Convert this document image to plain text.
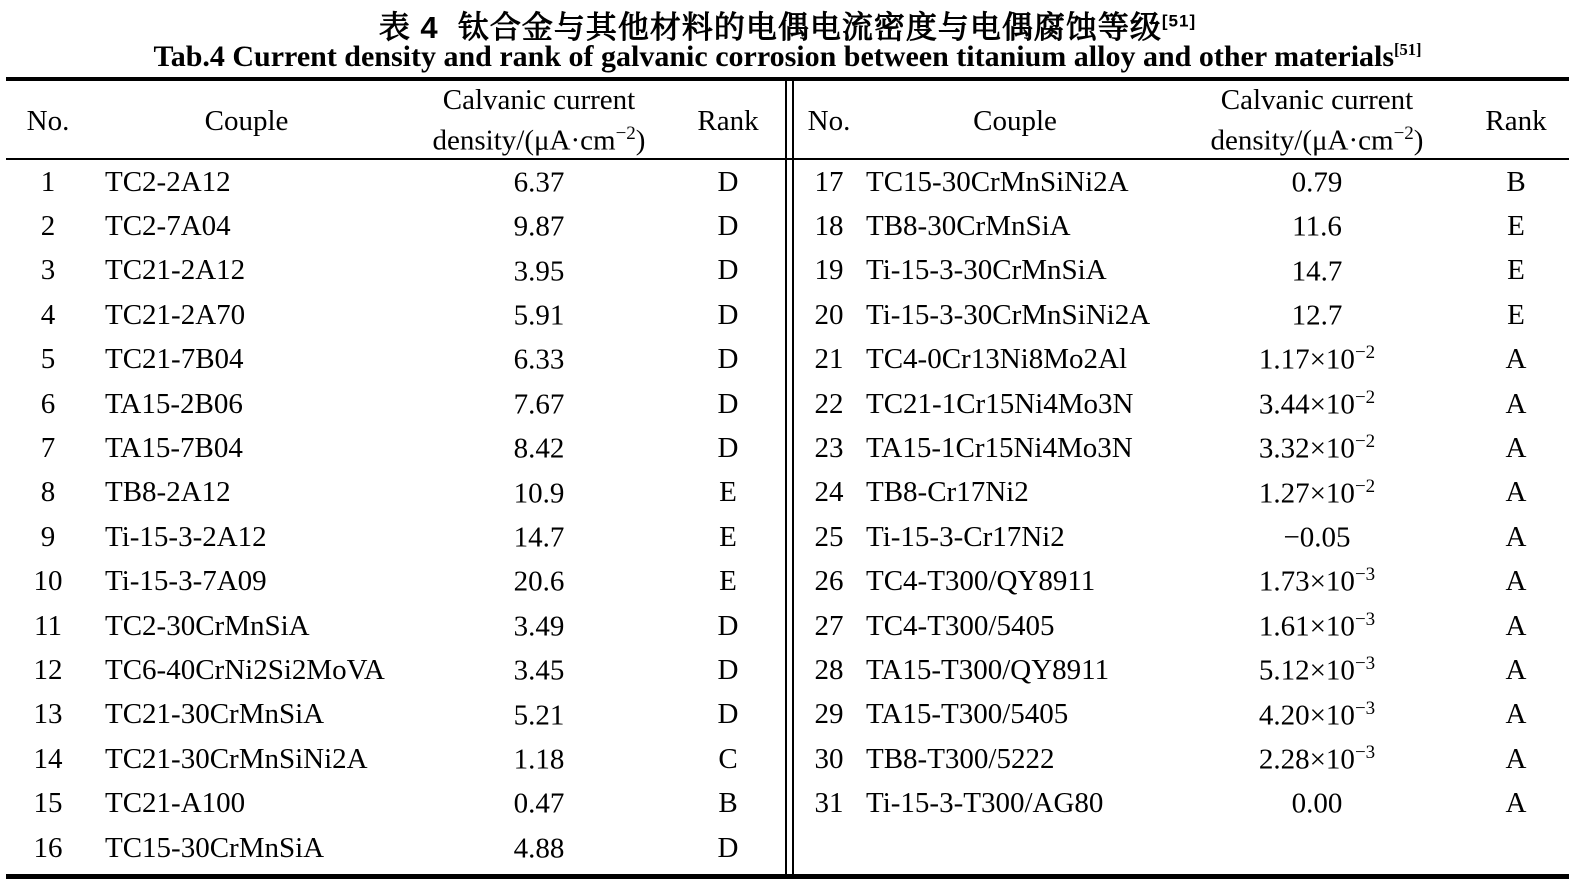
表 4  钛合金与其他材料的电偶电流密度与电偶腐蚀等级[51]
Tab.4 Current density and rank of galvanic corrosion between titanium alloy and other materials[51]
No.	Couple
Calvanic current
density/$(\mu A\cdot cm^{-2})$
Rank
1	TC2-2A12	6.37	D
2	TC2-7A04	9.87	D
3	TC21-2A12	3.95	D
4	TC21-2A70	5.91	D
5	TC21-7B04	6.33	D
6	TA15-2B06	7.67	D
7	TA15-7B04	8.42	D
8	TB8-2A12	10.9	E
9	Ti-15-3-2A12	14.7	E
10	Ti-15-3-7A09	20.6	E
11	TC2-30CrMnSiA	3.49	D
12	TC6-40CrNi2Si2MoVA	3.45	D
13	TC21-30CrMnSiA	5.21	D
14	TC21-30CrMnSiNi2A	1.18	C
15	TC21-A100	0.47	B
16	TC15-30CrMnSiA	4.88	D
No.	Couple
Calvanic current
density/$(\mu A\cdot cm^{-2})$
Rank
17 TC15-30CrMnSiNi2A	0.79	B
18 TB8-30CrMnSiA	11.6	E
19 Ti-15-3-30CrMnSiA	14.7	E
20 Ti-15-3-30CrMnSiNi2A	12.7	E
21 TC4-0Cr13Ni8Mo2Al	$1.17\times 10^{-2}$	A
22 TC21-1Cr15Ni4Mo3N	$3.44\times 10^{-2}$	A
23 TA15-1Cr15Ni4Mo3N	$3.32\times 10^{-2}$	A
24 TB8-Cr17Ni2	$1.27\times 10^{-2}$	A
25 Ti-15-3-Cr17Ni2	−0.05	A
26 TC4-T300/QY8911	$1.73\times 10^{-3}$	A
27 TC4-T300/5405	$1.61\times 10^{-3}$	A
28 TA15-T300/QY8911	$5.12\times 10^{-3}$	A
29 TA15-T300/5405	$4.20\times 10^{-3}$	A
30 TB8-T300/5222	$2.28\times 10^{-3}$	A
31 Ti-15-3-T300/AG80	0.00	A
